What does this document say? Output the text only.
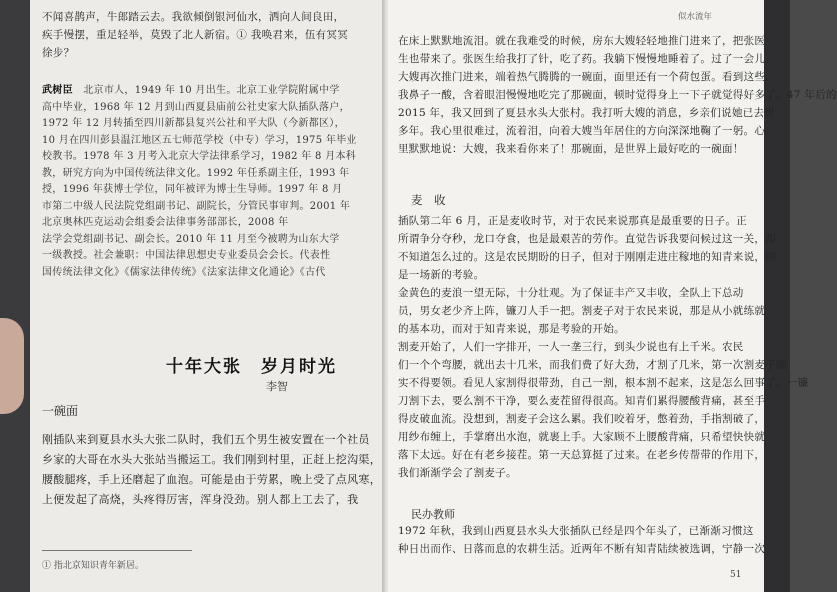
不闻喜鹊声，牛郎踏云去。我欲倾倒银河仙水，洒向人间良田，

疾手慢摆，重足轻举，莫毁了北人新宿。① 我唤君来，伍有冥冥

徐步？

武树臣　 北京市人，1949 年 10 月出生。北京工业学院附属中学

高中毕业，1968 年 12 月到山西夏县庙前公社史家大队插队落户，

1972 年 12 月转插至四川新都县复兴公社和平大队（今新都区），

10 月在四川彭县温江地区五七师范学校（中专）学习，1975 年毕业

校教书。1978 年 3 月考入北京大学法律系学习，1982 年 8 月本科

教，研究方向为中国传统法律文化。1992 年任系副主任，1993 年

授，1996 年获博士学位，同年被评为博士生导师。1997 年 8 月

市第二中级人民法院党组副书记、副院长，分管民事审判。2001 年

北京奥林匹克运动会组委会法律事务部部长，2008 年

法学会党组副书记、副会长。2010 年 11 月至今被聘为山东大学

一级教授。社会兼职：中国法律思想史专业委员会会长。代表性

国传统法律文化》《儒家法律传统》《法家法律文化通论》《古代

十年大张　岁月时光
李智
一碗面

刚插队来到夏县水头大张二队时，我们五个男生被安置在一个社员

乡家的大哥在水头大张站当搬运工。我们刚到村里，正赶上挖沟渠，

腰酸腿疼，手上还磨起了血泡。可能是由于劳累，晚上受了点风寒，

上便发起了高烧，头疼得厉害，浑身没劲。别人都上工去了，我

① 指北京知识青年新居。
似水流年

在床上默默地流泪。就在我难受的时候，房东大嫂轻轻地推门进来了，把张医

生也带来了。张医生给我打了针，吃了药。我躺下慢慢地睡着了。过了一会儿，

大嫂再次推门进来，端着热气腾腾的一碗面，面里还有一个荷包蛋。看到这些，

我鼻子一酸，含着眼泪慢慢地吃完了那碗面，顿时觉得身上一下子就觉得好多了。47 年后的

2015 年，我又回到了夏县水头大张村。我打听大嫂的消息，乡亲们说她已去世

多年。我心里很难过，流着泪，向着大嫂当年居住的方向深深地鞠了一躬。心

里默默地说：大嫂，我来看你来了！那碗面，是世界上最好吃的一碗面！

麦　收

插队第二年 6 月，正是麦收时节，对于农民来说那真是最重要的日子。正

所谓争分夺秒，龙口夺食，也是最艰苦的劳作。直觉告诉我要问候过这一关，却

不知道怎么过的。这是农民期盼的日子，但对于刚刚走进庄稼地的知青来说，则

是一场新的考验。

金黄色的麦浪一望无际，十分壮观。为了保证丰产又丰收，全队上下总动

员，男女老少齐上阵，镰刀人手一把。割麦子对于农民来说，那是从小就练就

的基本功，而对于知青来说，那是考验的开始。

割麦开始了，人们一字排开，一人一垄三行，到头少说也有上千米。农民

们一个个弯腰，就出去十几米，而我们费了好大劲，才割了几米，第一次割麦子确

实不得要领。看见人家割得很带劲，自己一割，根本割不起来，这是怎么回事了。一镰

刀割下去，要么割不干净，要么麦茬留得很高。知青们累得腰酸背痛，甚至手

得皮破血流。没想到，割麦子会这么累。我们咬着牙，憋着劲，手指割破了，

用纱布缠上，手掌磨出水泡，就裹上手。大家顾不上腰酸背痛，只希望快快就

落下太远。好在有老乡接茬。第一天总算挺了过来。在老乡传帮带的作用下，

我们渐渐学会了割麦子。

民办教师

1972 年秋，我到山西夏县水头大张插队已经是四个年头了，已渐渐习惯这

种日出而作、日落而息的农耕生活。近两年不断有知青陆续被选调，宁静一次

51
